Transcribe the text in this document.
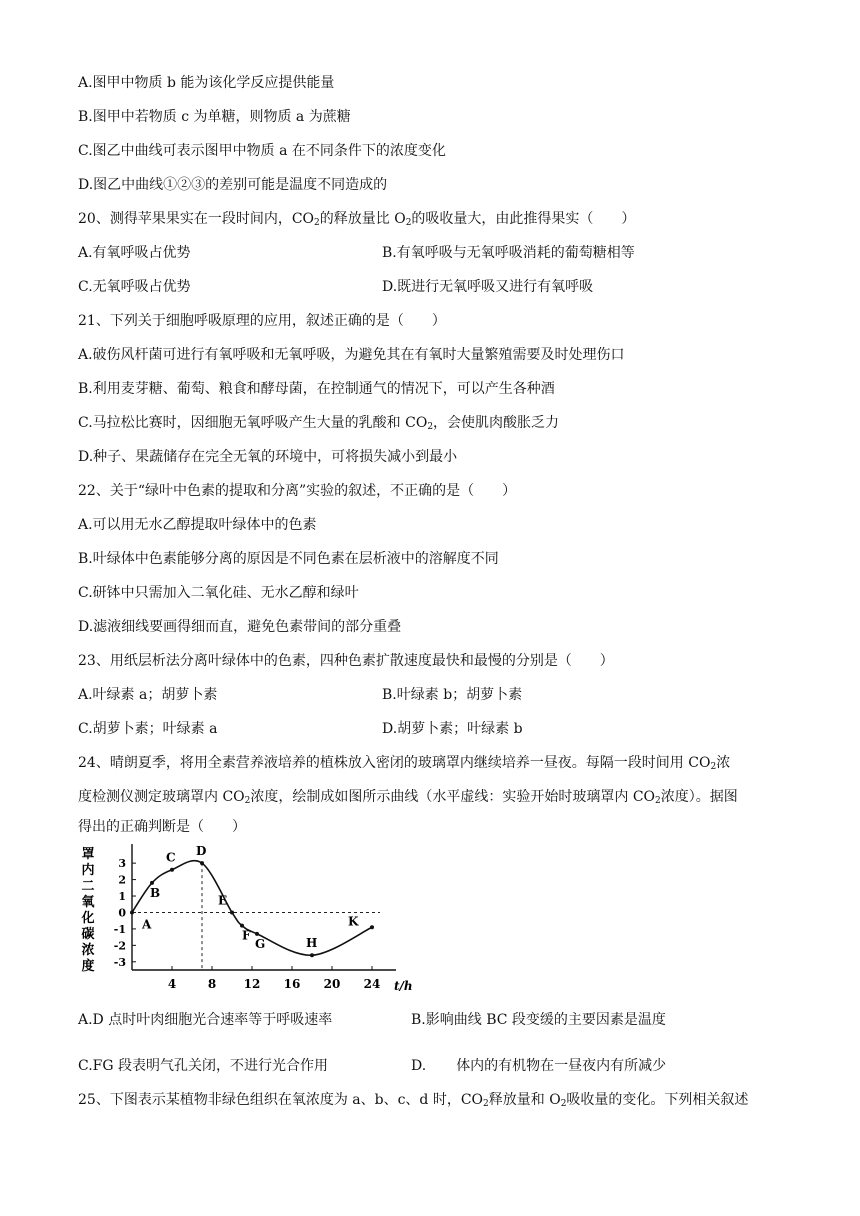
A.图甲中物质 b 能为该化学反应提供能量
B.图甲中若物质 c 为单糖，则物质 a 为蔗糖
C.图乙中曲线可表示图甲中物质 a 在不同条件下的浓度变化
D.图乙中曲线①②③的差别可能是温度不同造成的
20、测得苹果果实在一段时间内，$CO_2$的释放量比 $O_2$的吸收量大，由此推得果实（　　）
A.有氧呼吸占优势	B.有氧呼吸与无氧呼吸消耗的葡萄糖相等
C.无氧呼吸占优势	D.既进行无氧呼吸又进行有氧呼吸
21、下列关于细胞呼吸原理的应用，叙述正确的是（　　）
A.破伤风杆菌可进行有氧呼吸和无氧呼吸，为避免其在有氧时大量繁殖需要及时处理伤口
B.利用麦芽糖、葡萄、粮食和酵母菌，在控制通气的情况下，可以产生各种酒
C.马拉松比赛时，因细胞无氧呼吸产生大量的乳酸和 $CO_2$，会使肌肉酸胀乏力
D.种子、果蔬储存在完全无氧的环境中，可将损失减小到最小
22、关于“绿叶中色素的提取和分离”实验的叙述，不正确的是（　　）
A.可以用无水乙醇提取叶绿体中的色素
B.叶绿体中色素能够分离的原因是不同色素在层析液中的溶解度不同
C.研钵中只需加入二氧化硅、无水乙醇和绿叶
D.滤液细线要画得细而直，避免色素带间的部分重叠
23、用纸层析法分离叶绿体中的色素，四种色素扩散速度最快和最慢的分别是（　　）
A.叶绿素 a；胡萝卜素	B.叶绿素 b；胡萝卜素
C.胡萝卜素；叶绿素 a	D.胡萝卜素；叶绿素 b
24、晴朗夏季，将用全素营养液培养的植株放入密闭的玻璃罩内继续培养一昼夜。每隔一段时间用 $CO_2$浓
度检测仪测定玻璃罩内 $CO_2$浓度，绘制成如图所示曲线（水平虚线：实验开始时玻璃罩内 $CO_2$浓度）。据图
得出的正确判断是（　　）
罩
内
二
氧
化
碳
浓
度
3
2
1
0
-1
-2
-3
4	8 12 16 20 24 t/h
A
B
C D
E
F
G	H
K
A.D 点时叶肉细胞光合速率等于呼吸速率	B.影响曲线 BC 段变缓的主要因素是温度
C.FG 段表明气孔关闭，不进行光合作用	D. 体内的有机物在一昼夜内有所减少
25、下图表示某植物非绿色组织在氧浓度为 a、b、c、d 时，$CO_2$释放量和 $O_2$吸收量的变化。下列相关叙述
